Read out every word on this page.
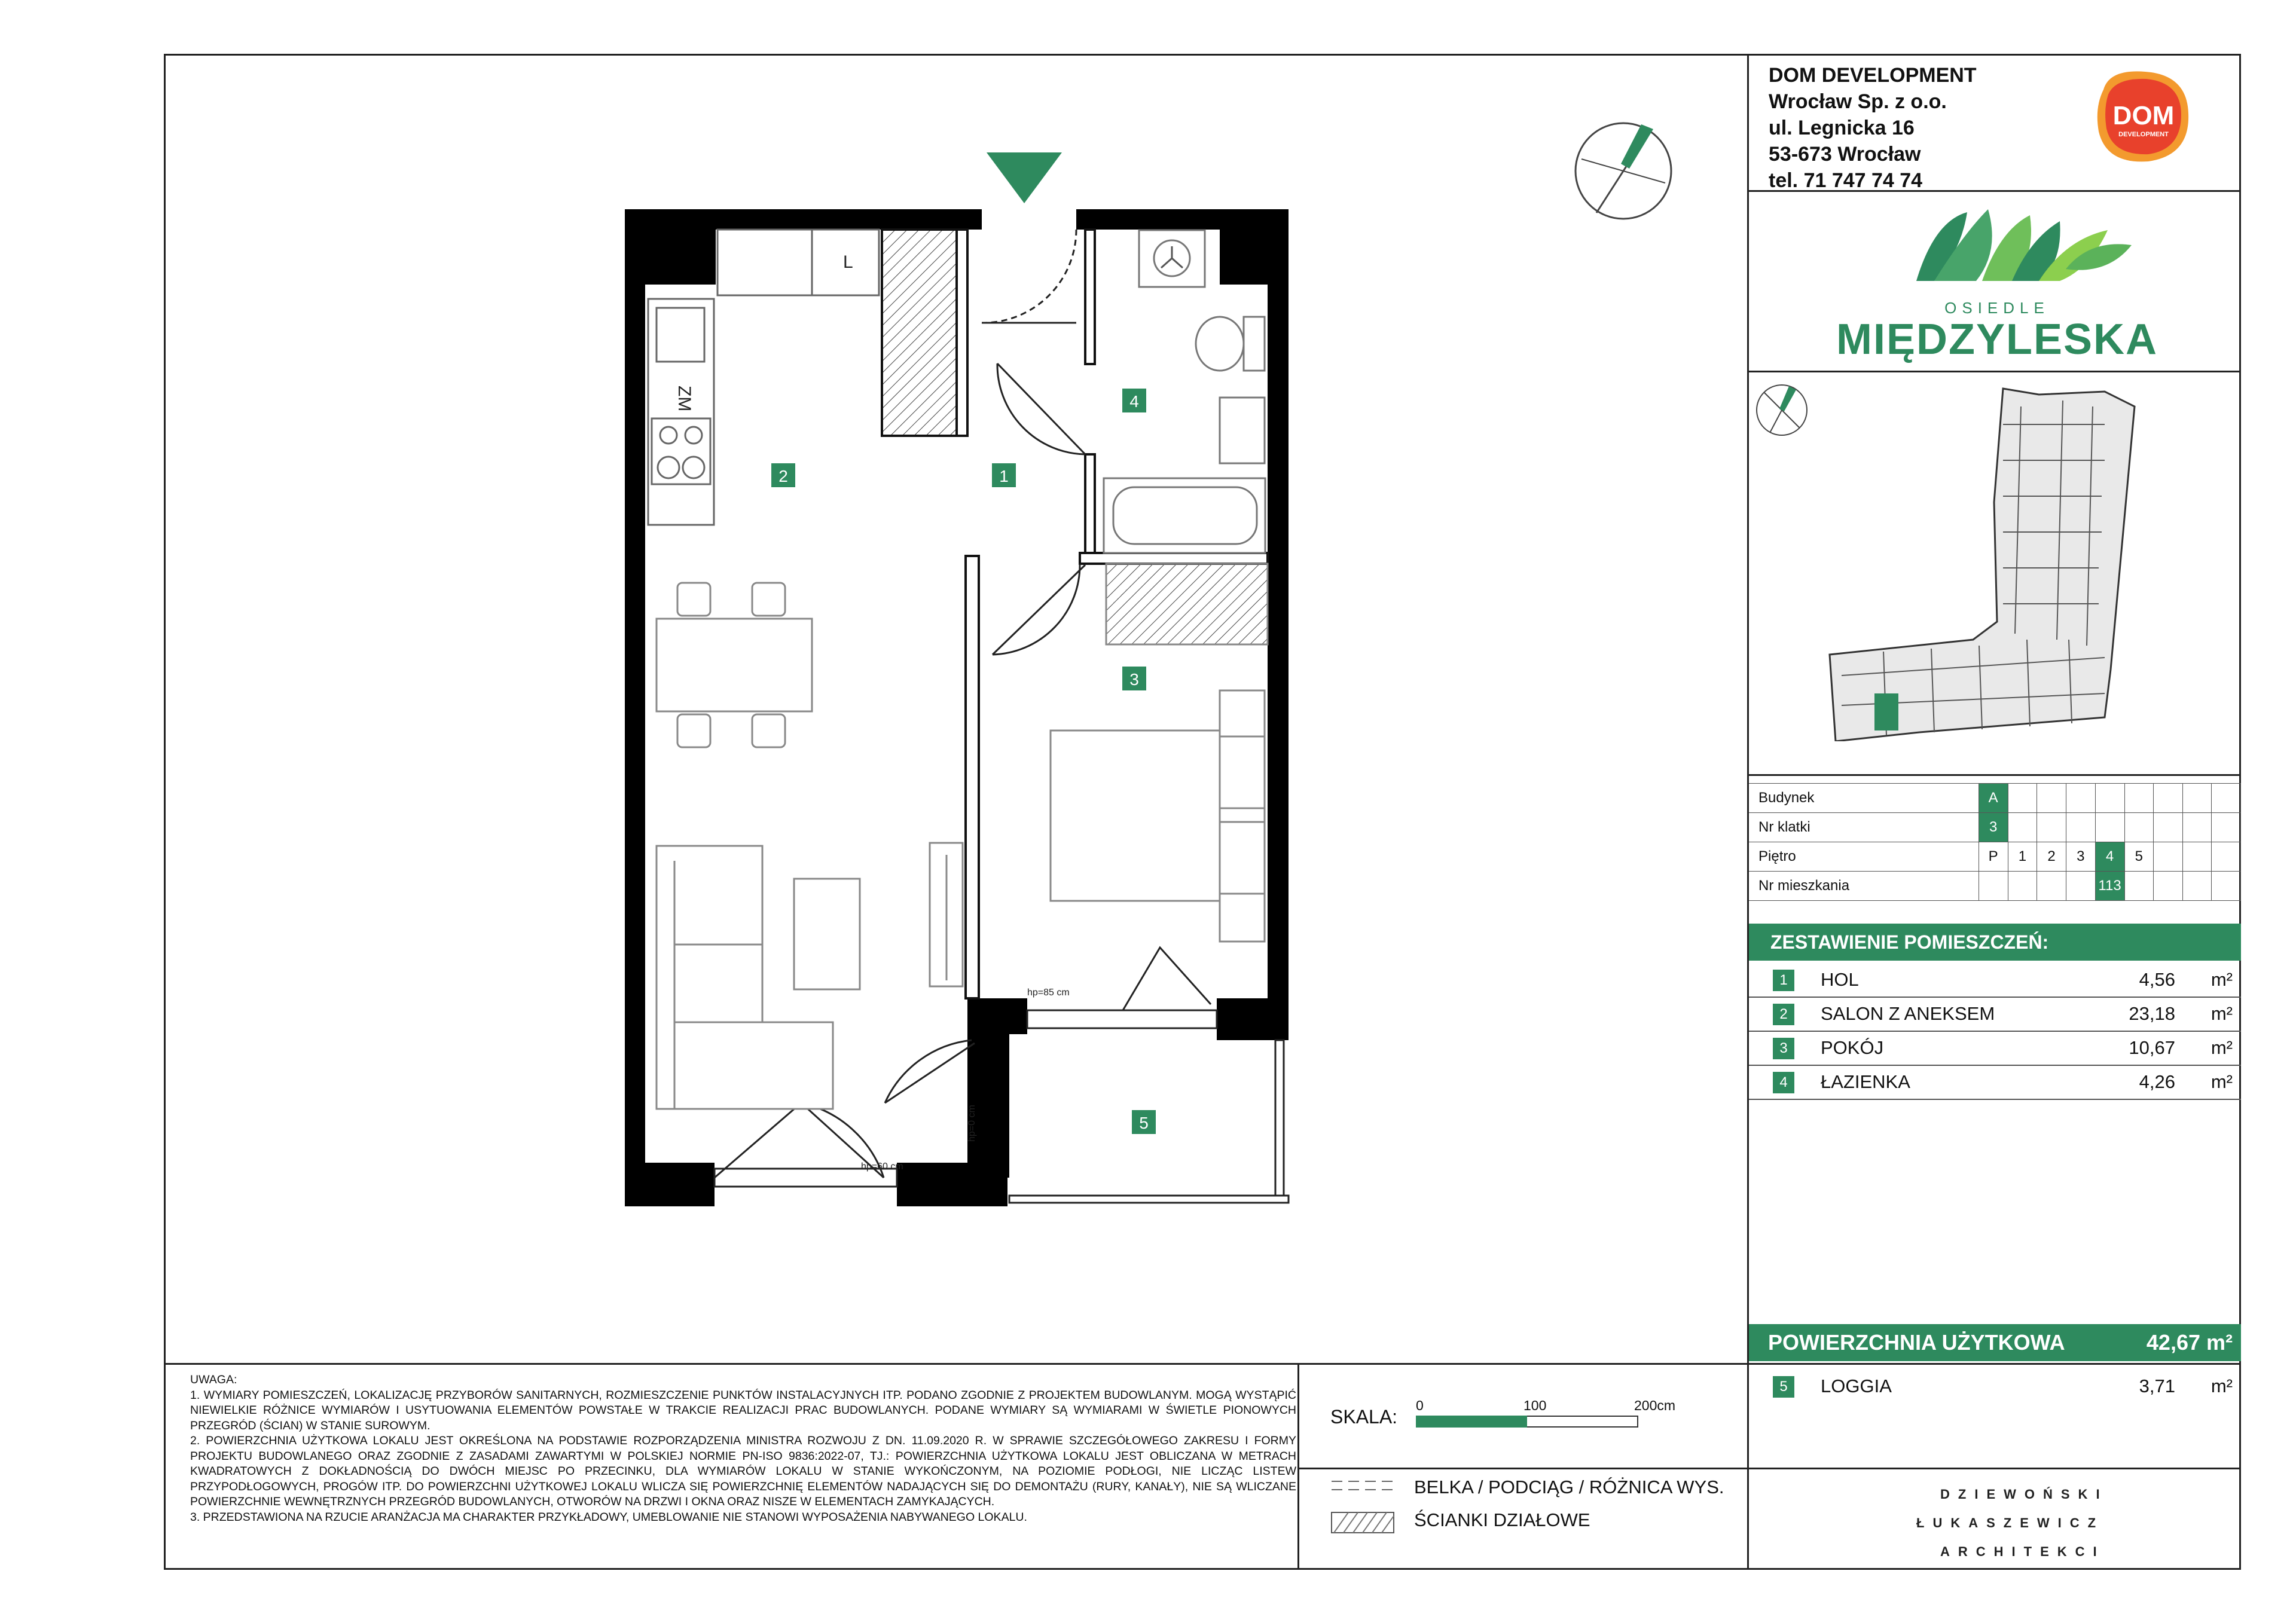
DOM DEVELOPMENT
Wrocław Sp. z o.o.
ul. Legnicka 16
53-673 Wrocław
tel. 71 747 74 74
DOM
DEVELOPMENT
OSIEDLE
MIĘDZYLESKA
Budynek	A								
Nr klatki	3								
Piętro	P	1	2	3	4	5			
Nr mieszkania					113				
ZESTAWIENIE POMIESZCZEŃ:
1	HOL	4,56 m²
2	SALON Z ANEKSEM	23,18 m²
3	POKÓJ	10,67 m²
4	ŁAZIENKA	4,26 m²
POWIERZCHNIA UŻYTKOWA	42,67 m²
5	LOGGIA	3,71 m²
DZIEWOŃSKI
ŁUKASZEWICZ
ARCHITEKCI

UWAGA:

1. WYMIARY POMIESZCZEŃ, LOKALIZACJĘ PRZYBORÓW SANITARNYCH, ROZMIESZCZENIE PUNKTÓW INSTALACYJNYCH ITP. PODANO ZGODNIE Z PROJEKTEM BUDOWLANYM. MOGĄ WYSTĄPIĆ NIEWIELKIE RÓŻNICE WYMIARÓW I USYTUOWANIA ELEMENTÓW POWSTAŁE W TRAKCIE REALIZACJI PRAC BUDOWLANYCH. PODANE WYMIARY SĄ WYMIARAMI W ŚWIETLE PIONOWYCH PRZEGRÓD (ŚCIAN) W STANIE SUROWYM.

2. POWIERZCHNIA UŻYTKOWA LOKALU JEST OKREŚLONA NA PODSTAWIE ROZPORZĄDZENIA MINISTRA ROZWOJU Z DN. 11.09.2020 R. W SPRAWIE SZCZEGÓŁOWEGO ZAKRESU I FORMY PROJEKTU BUDOWLANEGO ORAZ ZGODNIE Z ZASADAMI ZAWARTYMI W POLSKIEJ NORMIE PN-ISO 9836:2022-07, TJ.: POWIERZCHNIA UŻYTKOWA LOKALU JEST OBLICZANA W METRACH KWADRATOWYCH Z DOKŁADNOŚCIĄ DO DWÓCH MIEJSC PO PRZECINKU, DLA WYMIARÓW LOKALU W STANIE WYKOŃCZONYM, NA POZIOMIE PODŁOGI, NIE LICZĄC LISTEW PRZYPODŁOGOWYCH, PROGÓW ITP. DO POWIERZCHNI UŻYTKOWEJ LOKALU WLICZA SIĘ POWIERZCHNIĘ ELEMENTÓW NADAJĄCYCH SIĘ DO DEMONTAŻU (RURY, KANAŁY), NIE SĄ WLICZANE POWIERZCHNIE WEWNĘTRZNYCH PRZEGRÓD BUDOWLANYCH, OTWORÓW NA DRZWI I OKNA ORAZ NISZE W ELEMENTACH ZAMYKAJĄCYCH.

3. PRZEDSTAWIONA NA RZUCIE ARANŻACJA MA CHARAKTER PRZYKŁADOWY, UMEBLOWANIE NIE STANOWI WYPOSAŻENIA NABYWANEGO LOKALU.

SKALA:
0	100	200cm
BELKA / PODCIĄG / RÓŻNICA WYS.
ŚCIANKI DZIAŁOWE
L
ZM
1
2
3
4
5
hp=85 cm
hp=60 cm
hp=0 cm
